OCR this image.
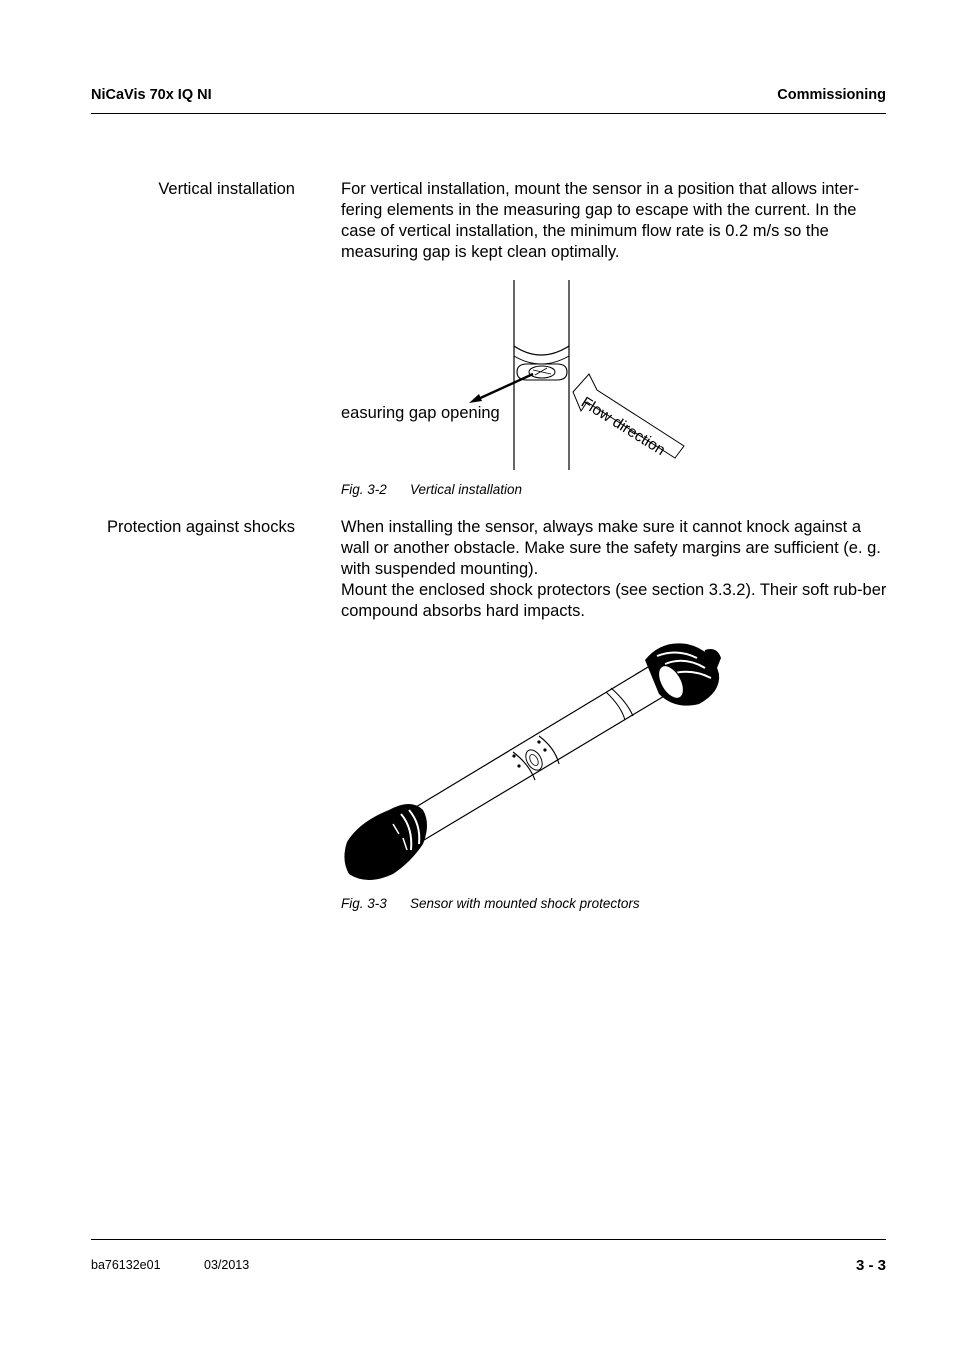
NiCaVis 70x IQ NI	Commissioning
Vertical installation	For vertical installation, mount the sensor in a position that allows inter-fering elements in the measuring gap to escape with the current. In the case of vertical installation, the minimum flow rate is 0.2 m/s so the measuring gap is kept clean optimally.

easuring gap opening	Flow direction
Fig. 3-2 Vertical installation
Protection against shocks	When installing the sensor, always make sure it cannot knock against a wall or another obstacle. Make sure the safety margins are sufficient (e. g. with suspended mounting).

Mount the enclosed shock protectors (see section 3.3.2). Their soft rub-ber compound absorbs hard impacts.

Fig. 3-3 Sensor with mounted shock protectors
ba76132e01	03/2013	3 - 3
